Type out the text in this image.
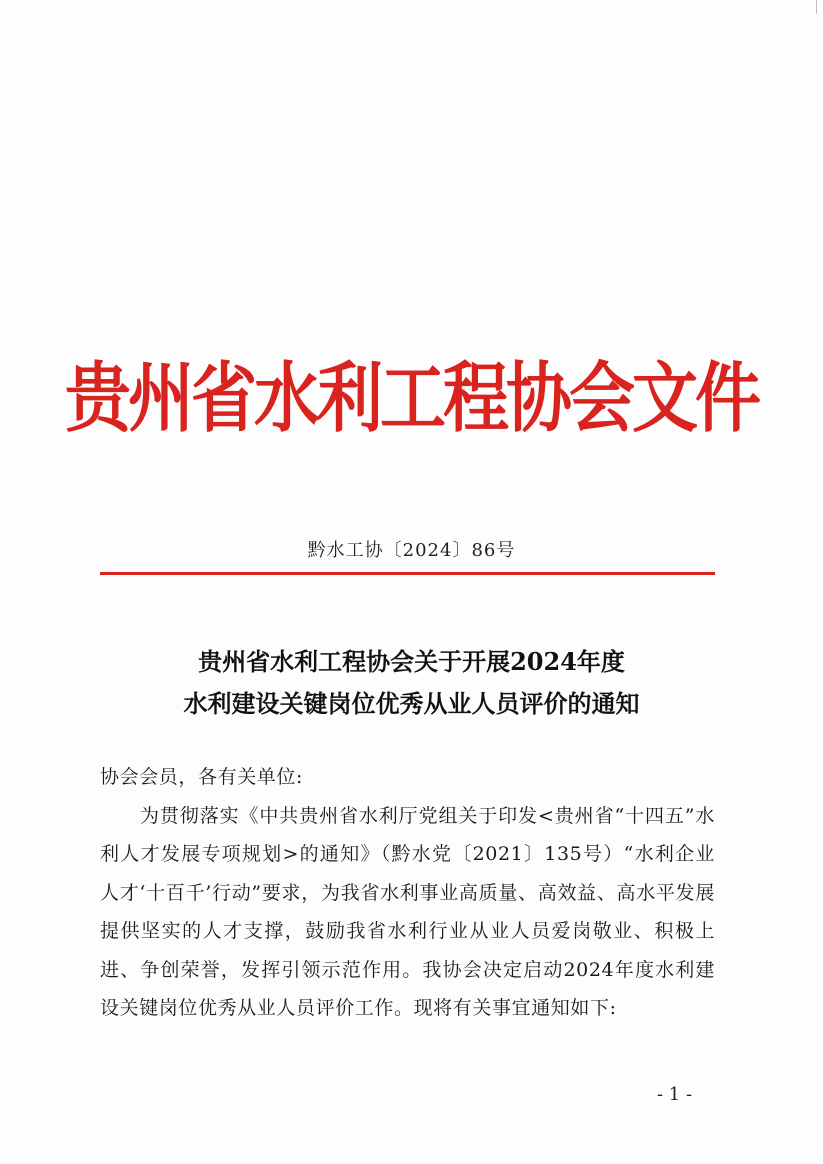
贵州省水利工程协会文件
黔水工协〔2024〕86号
贵州省水利工程协会关于开展2024年度
水利建设关键岗位优秀从业人员评价的通知

协会会员，各有关单位:

为贯彻落实《中共贵州省水利厅党组关于印发<贵州省“十四五”水利人才发展专项规划>的通知》（黔水党〔2021〕135号）“水利企业人才‘十百千’行动”要求，为我省水利事业高质量、高效益、高水平发展提供坚实的人才支撑，鼓励我省水利行业从业人员爱岗敬业、积极上进、争创荣誉，发挥引领示范作用。我协会决定启动2024年度水利建设关键岗位优秀从业人员评价工作。现将有关事宜通知如下:

- 1 -
